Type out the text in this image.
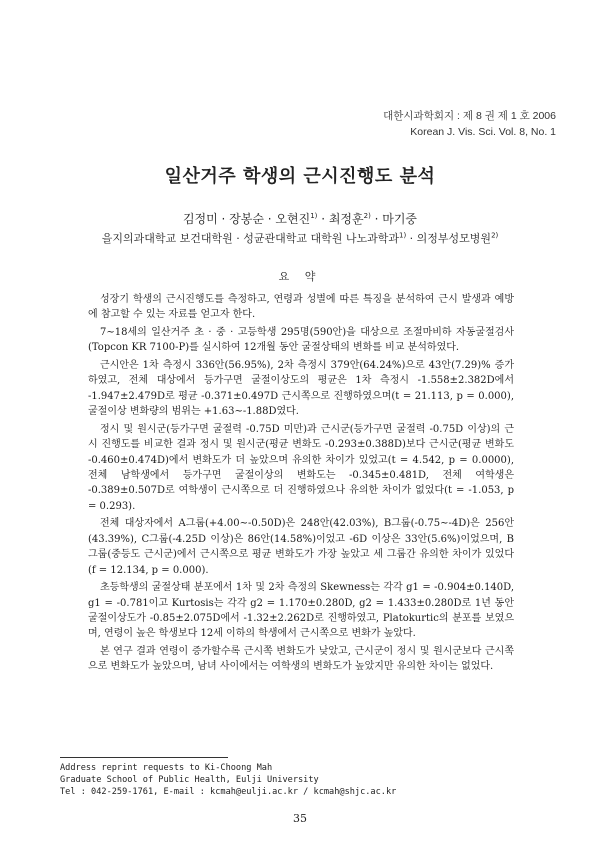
대한시과학회지 : 제 8 권 제 1 호 2006
Korean J. Vis. Sci. Vol. 8, No. 1
일산거주 학생의 근시진행도 분석
김정미 · 장봉순 · 오현진$^{1)}$ · 최정훈$^{2)}$ · 마기중
을지의과대학교 보건대학원 · 성균관대학교 대학원 나노과학과$^{1)}$ · 의정부성모병원$^{2)}$
요 약

성장기 학생의 근시진행도를 측정하고, 연령과 성별에 따른 특징을 분석하여 근시 발생과 예방에 참고할 수 있는 자료를 얻고자 한다.

7∼18세의 일산거주 초 · 중 · 고등학생 295명(590안)을 대상으로 조절마비하 자동굴절검사(Topcon KR 7100-P)를 실시하여 12개월 동안 굴절상태의 변화를 비교 분석하였다.

근시안은 1차 측정시 336안(56.95%), 2차 측정시 379안(64.24%)으로 43안(7.29)% 증가하였고, 전체 대상에서 등가구면 굴절이상도의 평균은 1차 측정시 -1.558±2.382D에서 -1.947±2.479D로 평균 -0.371±0.497D 근시쪽으로 진행하였으며(t = 21.113, p = 0.000), 굴절이상 변화량의 범위는 +1.63∼-1.88D였다.

정시 및 원시군(등가구면 굴절력 -0.75D 미만)과 근시군(등가구면 굴절력 -0.75D 이상)의 근시 진행도를 비교한 결과 정시 및 원시군(평균 변화도 -0.293±0.388D)보다 근시군(평균 변화도 -0.460±0.474D)에서 변화도가 더 높았으며 유의한 차이가 있었고(t = 4.542, p = 0.0000), 전체 남학생에서 등가구면 굴절이상의 변화도는 -0.345±0.481D, 전체 여학생은 -0.389±0.507D로 여학생이 근시쪽으로 더 진행하였으나 유의한 차이가 없었다(t = -1.053, p = 0.293).

전체 대상자에서 A그룹(+4.00∼-0.50D)은 248안(42.03%), B그룹(-0.75∼-4D)은 256안(43.39%), C그룹(-4.25D 이상)은 86안(14.58%)이었고 -6D 이상은 33안(5.6%)이었으며, B그룹(중등도 근시군)에서 근시쪽으로 평균 변화도가 가장 높았고 세 그룹간 유의한 차이가 있었다(f = 12.134, p = 0.000).

초등학생의 굴절상태 분포에서 1차 및 2차 측정의 Skewness는 각각 g1 = -0.904±0.140D, g1 = -0.781이고 Kurtosis는 각각 g2 = 1.170±0.280D, g2 = 1.433±0.280D로 1년 동안 굴절이상도가 -0.85±2.075D에서 -1.32±2.262D로 진행하였고, Platokurtic의 분포를 보였으며, 연령이 높은 학생보다 12세 이하의 학생에서 근시쪽으로 변화가 높았다.

본 연구 결과 연령이 증가할수록 근시쪽 변화도가 낮았고, 근시군이 정시 및 원시군보다 근시쪽으로 변화도가 높았으며, 남녀 사이에서는 여학생의 변화도가 높았지만 유의한 차이는 없었다.

Address reprint requests to Ki-Choong Mah
Graduate School of Public Health, Eulji University
Tel : 042-259-1761, E-mail : kcmah@eulji.ac.kr / kcmah@shjc.ac.kr
35
